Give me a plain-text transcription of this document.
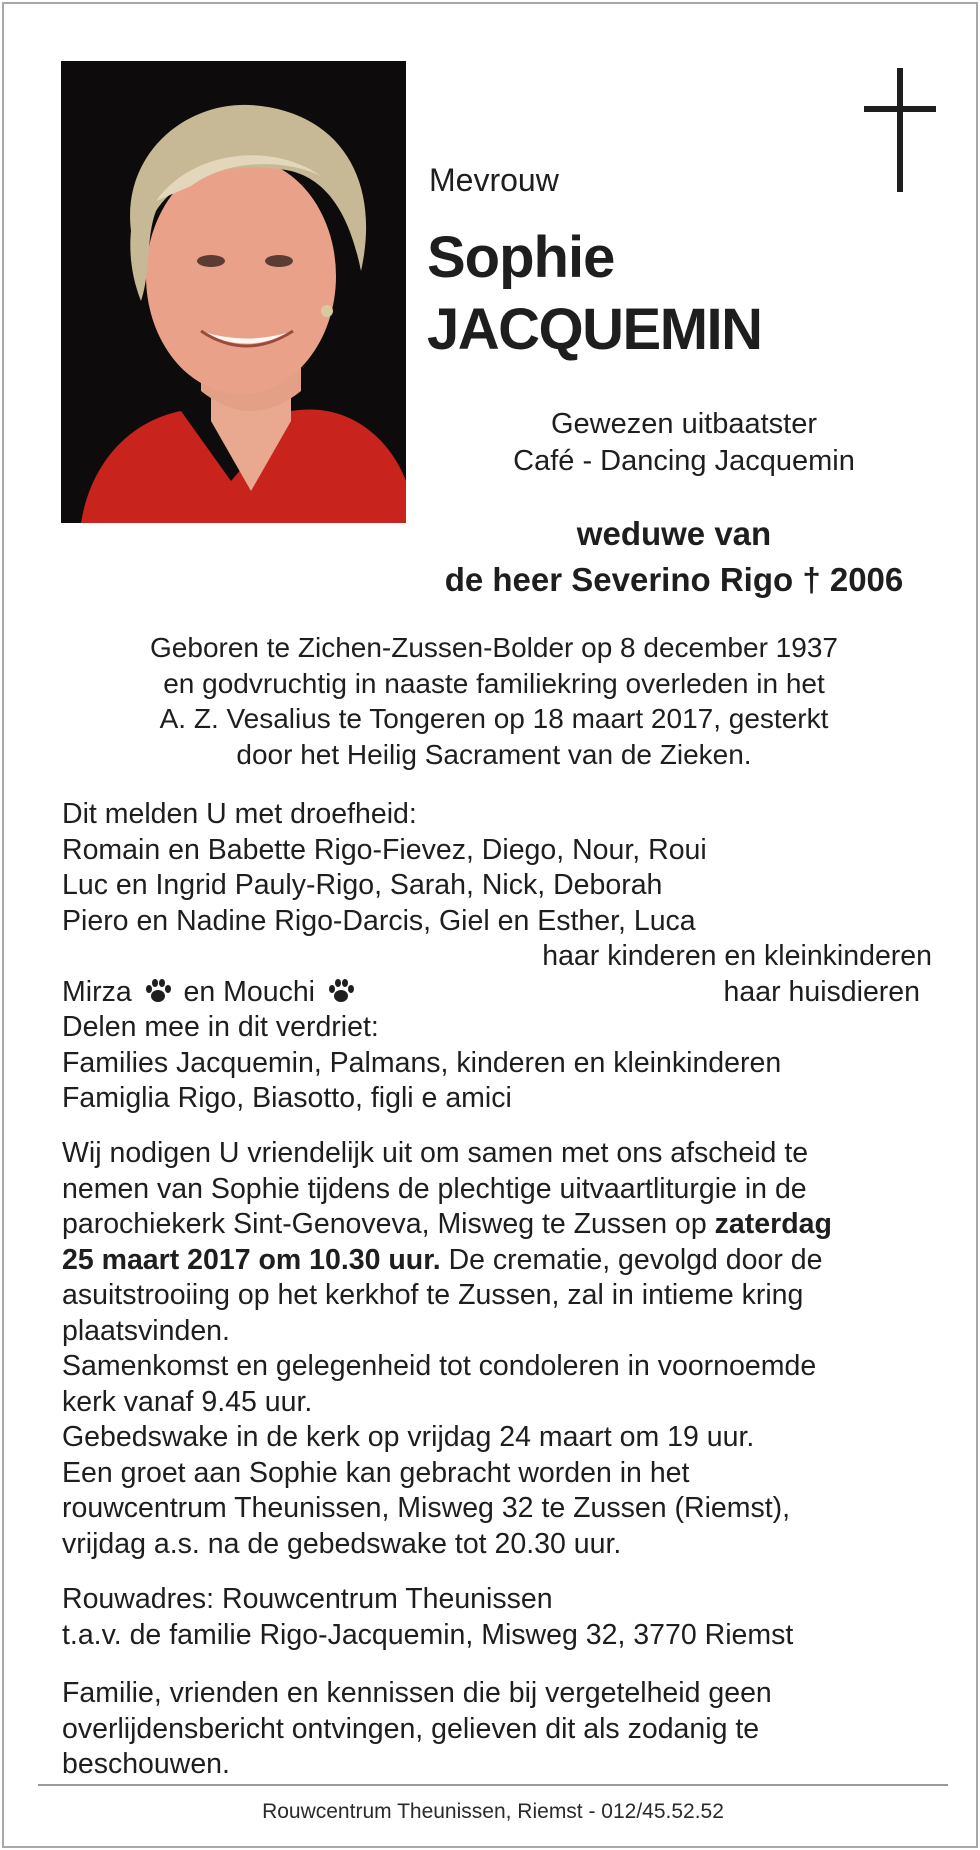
Mevrouw
Sophie
JACQUEMIN
Gewezen uitbaatster
Café - Dancing Jacquemin
weduwe van
de heer Severino Rigo † 2006
Geboren te Zichen-Zussen-Bolder op 8 december 1937
en godvruchtig in naaste familiekring overleden in het
A. Z. Vesalius te Tongeren op 18 maart 2017, gesterkt
door het Heilig Sacrament van de Zieken.
Dit melden U met droefheid:
Romain en Babette Rigo-Fievez, Diego, Nour, Roui
Luc en Ingrid Pauly-Rigo, Sarah, Nick, Deborah
Piero en Nadine Rigo-Darcis, Giel en Esther, Luca
haar kinderen en kleinkinderen
Mirza en Mouchi	haar huisdieren
Delen mee in dit verdriet:
Families Jacquemin, Palmans, kinderen en kleinkinderen
Famiglia Rigo, Biasotto, figli e amici
Wij nodigen U vriendelijk uit om samen met ons afscheid te
nemen van Sophie tijdens de plechtige uitvaartliturgie in de
parochiekerk Sint-Genoveva, Misweg te Zussen op zaterdag
25 maart 2017 om 10.30 uur. De crematie, gevolgd door de
asuitstrooiing op het kerkhof te Zussen, zal in intieme kring
plaatsvinden.
Samenkomst en gelegenheid tot condoleren in voornoemde
kerk vanaf 9.45 uur.
Gebedswake in de kerk op vrijdag 24 maart om 19 uur.
Een groet aan Sophie kan gebracht worden in het
rouwcentrum Theunissen, Misweg 32 te Zussen (Riemst),
vrijdag a.s. na de gebedswake tot 20.30 uur.
Rouwadres: Rouwcentrum Theunissen
t.a.v. de familie Rigo-Jacquemin, Misweg 32, 3770 Riemst
Familie, vrienden en kennissen die bij vergetelheid geen
overlijdensbericht ontvingen, gelieven dit als zodanig te
beschouwen.
Rouwcentrum Theunissen, Riemst - 012/45.52.52
